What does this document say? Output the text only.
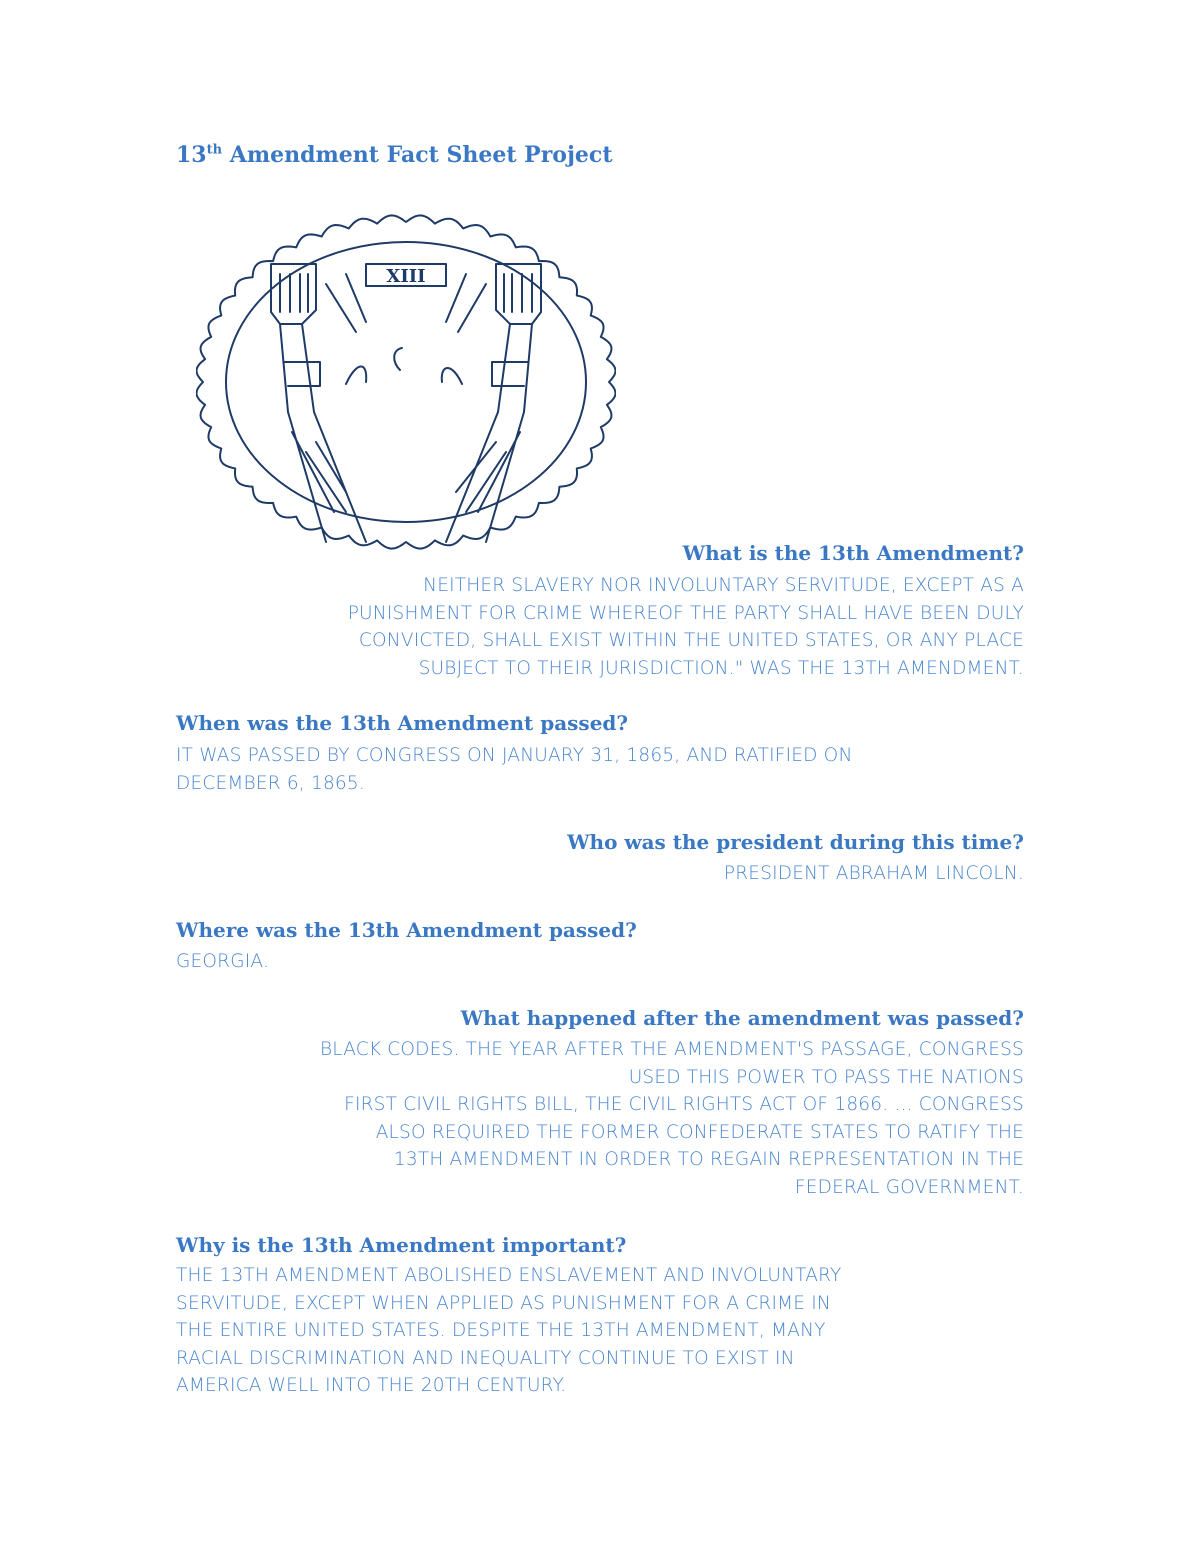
13th Amendment Fact Sheet Project
XIII
What is the 13th Amendment?
NEITHER SLAVERY NOR INVOLUNTARY SERVITUDE, EXCEPT AS A
PUNISHMENT FOR CRIME WHEREOF THE PARTY SHALL HAVE BEEN DULY
CONVICTED, SHALL EXIST WITHIN THE UNITED STATES, OR ANY PLACE
SUBJECT TO THEIR JURISDICTION." WAS THE 13TH AMENDMENT.
When was the 13th Amendment passed?
IT WAS PASSED BY CONGRESS ON JANUARY 31, 1865, AND RATIFIED ON
DECEMBER 6, 1865.
Who was the president during this time?
PRESIDENT ABRAHAM LINCOLN.
Where was the 13th Amendment passed?
GEORGIA.
What happened after the amendment was passed?
BLACK CODES. THE YEAR AFTER THE AMENDMENT'S PASSAGE, CONGRESS
USED THIS POWER TO PASS THE NATIONS
FIRST CIVIL RIGHTS BILL, THE CIVIL RIGHTS ACT OF 1866. ... CONGRESS
ALSO REQUIRED THE FORMER CONFEDERATE STATES TO RATIFY THE
13TH AMENDMENT IN ORDER TO REGAIN REPRESENTATION IN THE
FEDERAL GOVERNMENT.
Why is the 13th Amendment important?
THE 13TH AMENDMENT ABOLISHED ENSLAVEMENT AND INVOLUNTARY
SERVITUDE, EXCEPT WHEN APPLIED AS PUNISHMENT FOR A CRIME IN
THE ENTIRE UNITED STATES. DESPITE THE 13TH AMENDMENT, MANY
RACIAL DISCRIMINATION AND INEQUALITY CONTINUE TO EXIST IN
AMERICA WELL INTO THE 20TH CENTURY.
